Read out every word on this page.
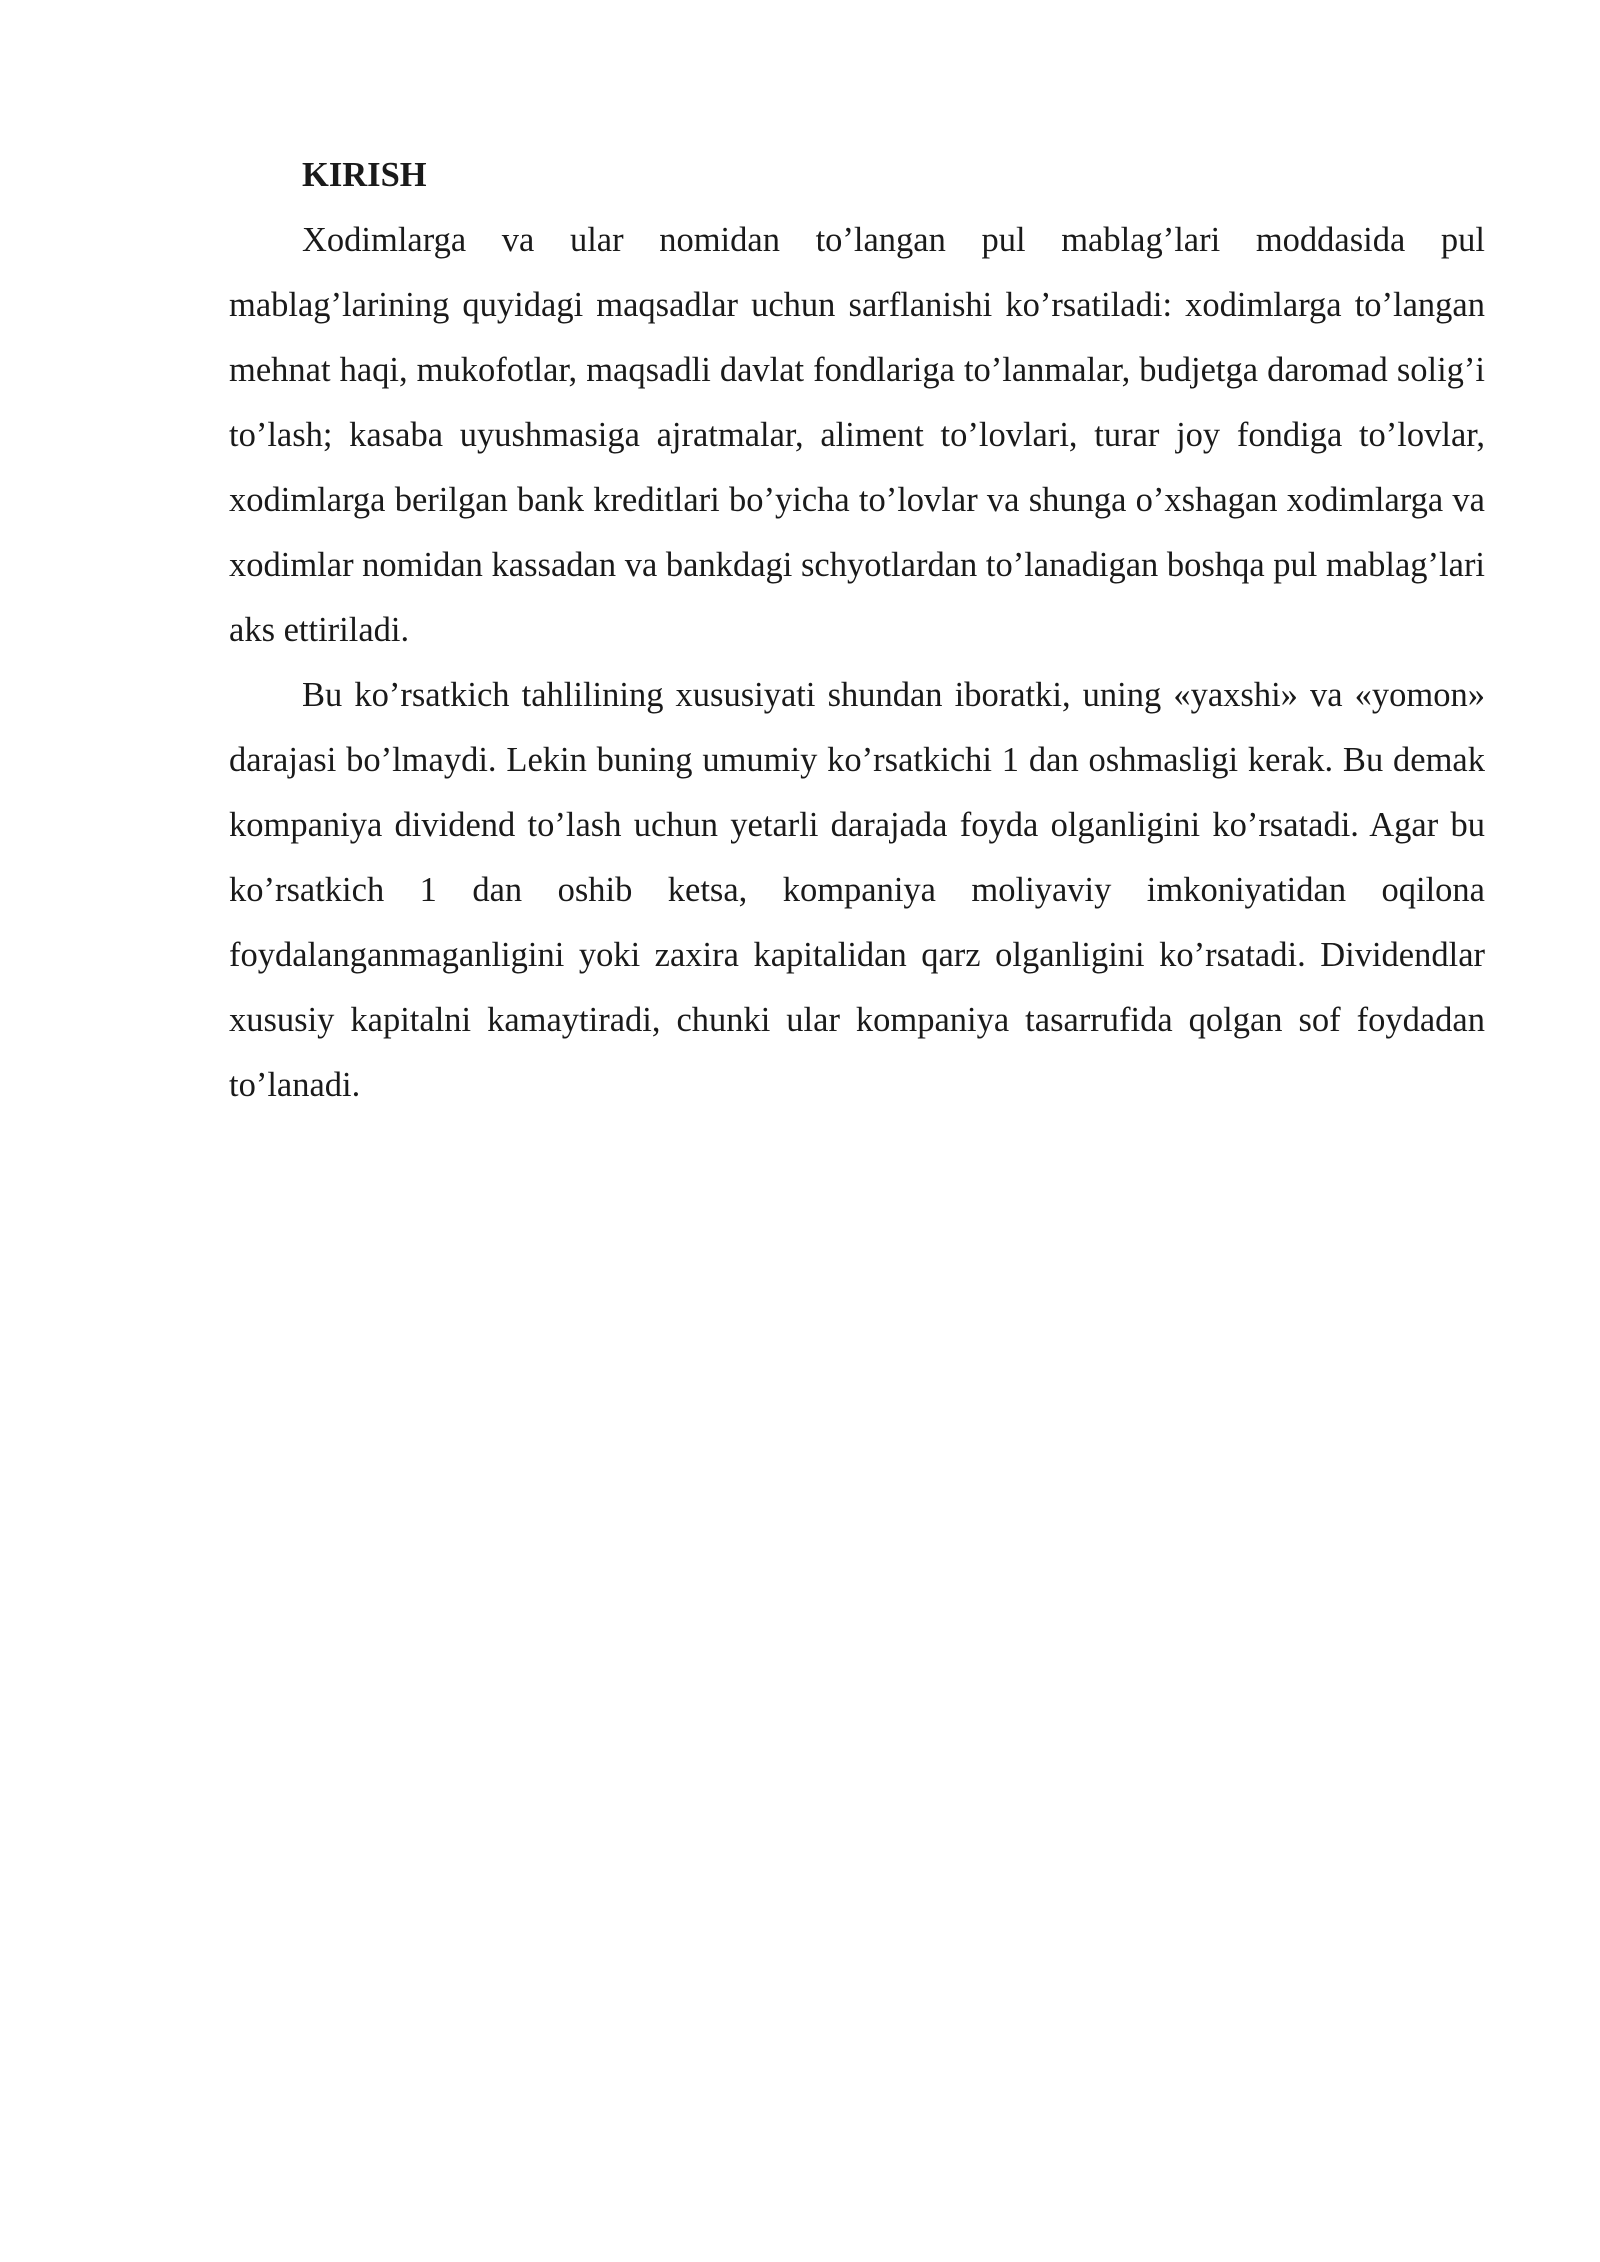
KIRISH

Xodimlarga va ular nomidan to’langan pul mablag’lari moddasida pul mablag’larining quyidagi maqsadlar uchun sarflanishi ko’rsatiladi: xodimlarga to’langan mehnat haqi, mukofotlar, maqsadli davlat fondlariga to’lanmalar, budjetga daromad solig’i to’lash; kasaba uyushmasiga ajratmalar, aliment to’lovlari, turar joy fondiga to’lovlar, xodimlarga berilgan bank kreditlari bo’yicha to’lovlar va shunga o’xshagan xodimlarga va xodimlar nomidan kassadan va bankdagi schyotlardan to’lanadigan boshqa pul mablag’lari aks ettiriladi.

Bu ko’rsatkich tahlilining xususiyati shundan iboratki, uning «yaxshi» va «yomon» darajasi bo’lmaydi. Lekin buning umumiy ko’rsatkichi 1 dan oshmasligi kerak. Bu demak kompaniya dividend to’lash uchun yetarli darajada foyda olganligini ko’rsatadi. Agar bu ko’rsatkich 1 dan oshib ketsa, kompaniya moliyaviy imkoniyatidan oqilona foydalanganmaganligini yoki zaxira kapitalidan qarz olganligini ko’rsatadi. Dividendlar xususiy kapitalni kamaytiradi, chunki ular kompaniya tasarrufida qolgan sof foydadan to’lanadi.
